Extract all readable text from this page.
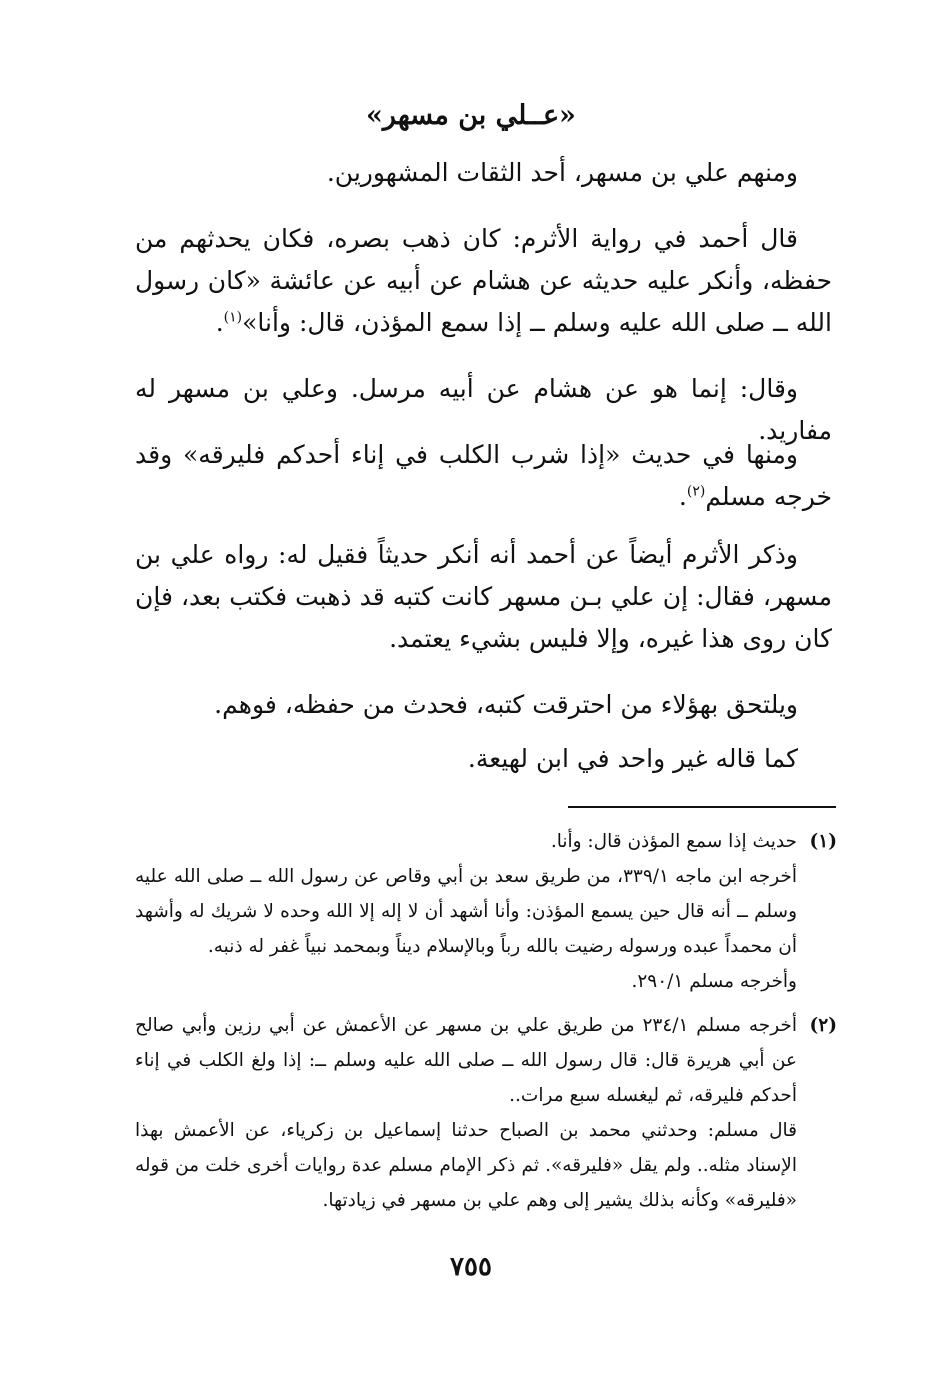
«عــلي بن مسهر»
ومنهم علي بن مسهر، أحد الثقات المشهورين.
قال أحمد في رواية الأثرم: كان ذهب بصره، فكان يحدثهم من حفظه، وأنكر عليه حديثه عن هشام عن أبيه عن عائشة «كان رسول الله ــ صلى الله عليه وسلم ــ إذا سمع المؤذن، قال: وأنا»$^{(١)}$.
وقال: إنما هو عن هشام عن أبيه مرسل. وعلي بن مسهر له مفاريد.
ومنها في حديث «إذا شرب الكلب في إناء أحدكم فليرقه» وقد خرجه مسلم$^{(٢)}$.
وذكر الأثرم أيضاً عن أحمد أنه أنكر حديثاً فقيل له: رواه علي بن مسهر، فقال: إن علي بـن مسهر كانت كتبه قد ذهبت فكتب بعد، فإن كان روى هذا غيره، وإلا فليس بشيء يعتمد.
ويلتحق بهؤلاء من احترقت كتبه، فحدث من حفظه، فوهم.
كما قاله غير واحد في ابن لهيعة.
(١)
حديث إذا سمع المؤذن قال: وأنا.
أخرجه ابن ماجه ٣٣٩/١، من طريق سعد بن أبي وقاص عن رسول الله ــ صلى الله عليه وسلم ــ أنه قال حين يسمع المؤذن: وأنا أشهد أن لا إله إلا الله وحده لا شريك له وأشهد أن محمداً عبده ورسوله رضيت بالله رباً وبالإسلام ديناً وبمحمد نبياً غفر له ذنبه.
وأخرجه مسلم ٢٩٠/١.
(٢)
أخرجه مسلم ٢٣٤/١ من طريق علي بن مسهر عن الأعمش عن أبي رزين وأبي صالح عن أبي هريرة قال: قال رسول الله ــ صلى الله عليه وسلم ــ: إذا ولغ الكلب في إناء أحدكم فليرقه، ثم ليغسله سبع مرات..
قال مسلم: وحدثني محمد بن الصباح حدثنا إسماعيل بن زكرياء، عن الأعمش بهذا الإسناد مثله.. ولم يقل «فليرقه». ثم ذكر الإمام مسلم عدة روايات أخرى خلت من قوله «فليرقه» وكأنه بذلك يشير إلى وهم علي بن مسهر في زيادتها.
٧٥٥
